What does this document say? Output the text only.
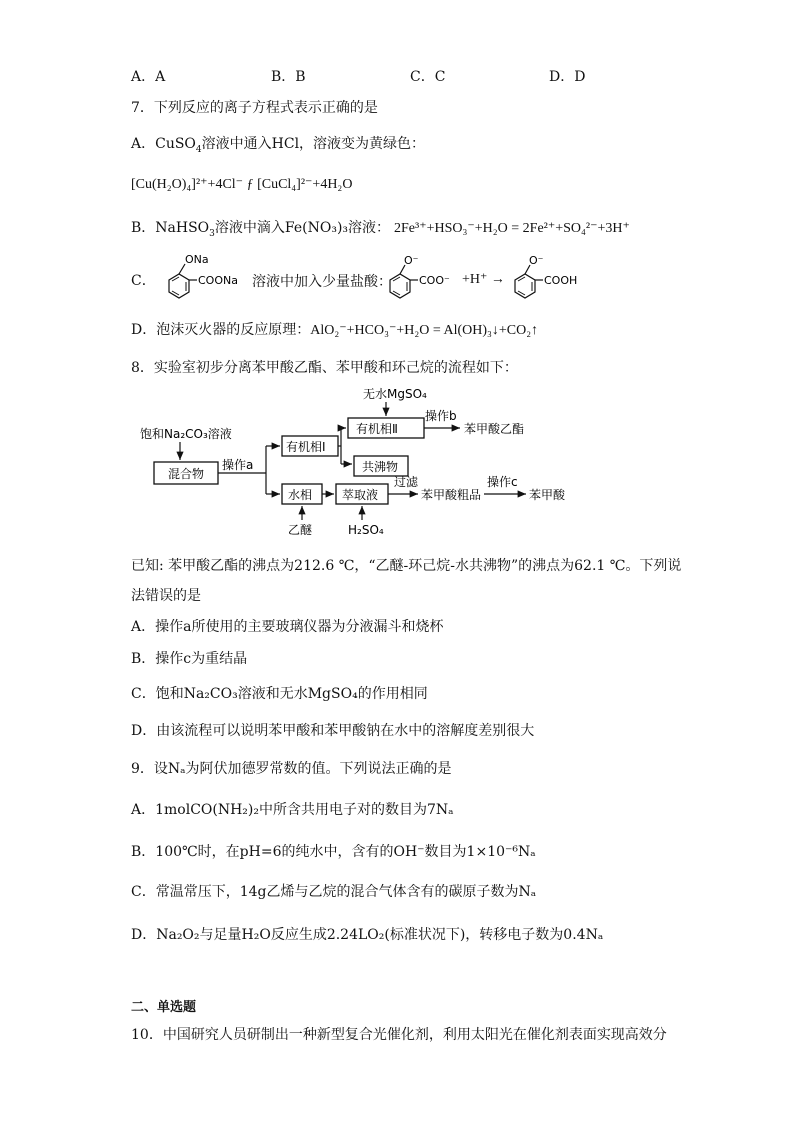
A．A	B．B	C．C	D．D
7．下列反应的离子方程式表示正确的是
A．CuSO$_4$溶液中通入HCl，溶液变为黄绿色：
[Cu(H₂O)₄]²⁺+4Cl⁻ ƒ [CuCl₄]²⁻+4H₂O
B．NaHSO$_3$溶液中滴入Fe(NO₃)₃溶液： 2Fe³⁺+HSO₃⁻+H₂O = 2Fe²⁺+SO₄²⁻+3H⁺
C．
ONa
COONa 溶液中加入少量盐酸：
O⁻
COO⁻ +H⁺ →
O⁻
COOH
D．泡沫灭火器的反应原理：AlO₂⁻+HCO₃⁻+H₂O = Al(OH)₃↓+CO₂↑
8．实验室初步分离苯甲酸乙酯、苯甲酸和环己烷的流程如下：
无水MgSO₄
有机相Ⅱ
操作b
苯甲酸乙酯
饱和Na₂CO₃溶液
混合物
操作a
有机相Ⅰ
共沸物
水相
乙醚
萃取液
H₂SO₄
过滤
苯甲酸粗品
操作c
苯甲酸
已知: 苯甲酸乙酯的沸点为212.6 ℃，“乙醚-环己烷-水共沸物”的沸点为62.1 ℃。下列说
法错误的是
A．操作a所使用的主要玻璃仪器为分液漏斗和烧杯
B．操作c为重结晶
C．饱和Na₂CO₃溶液和无水MgSO₄的作用相同
D．由该流程可以说明苯甲酸和苯甲酸钠在水中的溶解度差别很大
9．设Nₐ为阿伏加德罗常数的值。下列说法正确的是
A．1molCO(NH₂)₂中所含共用电子对的数目为7Nₐ
B．100℃时，在pH=6的纯水中，含有的OH⁻数目为1×10⁻⁶Nₐ
C．常温常压下，14g乙烯与乙烷的混合气体含有的碳原子数为Nₐ
D．Na₂O₂与足量H₂O反应生成2.24LO₂(标准状况下)，转移电子数为0.4Nₐ
二、单选题
10．中国研究人员研制出一种新型复合光催化剂，利用太阳光在催化剂表面实现高效分
